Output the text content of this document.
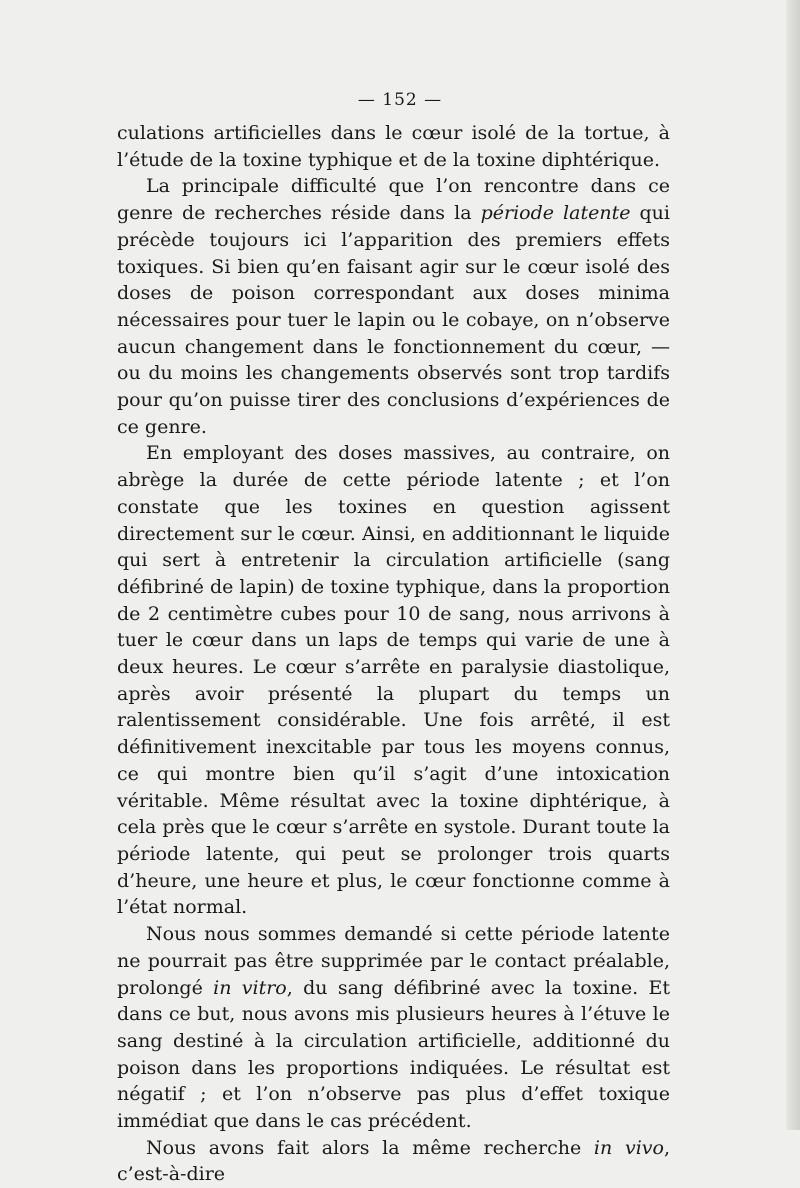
— 152 —

culations artificielles dans le cœur isolé de la tortue, à l’étude de la toxine typhique et de la toxine diphtérique.

La principale difficulté que l’on rencontre dans ce genre de recherches réside dans la période latente qui précède toujours ici l’apparition des premiers effets toxiques. Si bien qu’en faisant agir sur le cœur isolé des doses de poison correspondant aux doses minima nécessaires pour tuer le lapin ou le cobaye, on n’observe aucun changement dans le fonctionnement du cœur, — ou du moins les changements observés sont trop tardifs pour qu’on puisse tirer des conclusions d’expériences de ce genre.

En employant des doses massives, au contraire, on abrège la durée de cette période latente ; et l’on constate que les toxines en question agissent directement sur le cœur. Ainsi, en additionnant le liquide qui sert à entretenir la circulation artificielle (sang défibriné de lapin) de toxine typhique, dans la proportion de 2 centimètre cubes pour 10 de sang, nous arrivons à tuer le cœur dans un laps de temps qui varie de une à deux heures. Le cœur s’arrête en paralysie diastolique, après avoir présenté la plupart du temps un ralentissement considérable. Une fois arrêté, il est définitivement inexcitable par tous les moyens connus, ce qui montre bien qu’il s’agit d’une intoxication véritable. Même résultat avec la toxine diphtérique, à cela près que le cœur s’arrête en systole. Durant toute la période latente, qui peut se prolonger trois quarts d’heure, une heure et plus, le cœur fonctionne comme à l’état normal.

Nous nous sommes demandé si cette période latente ne pourrait pas être supprimée par le contact préalable, prolongé in vitro, du sang défibriné avec la toxine. Et dans ce but, nous avons mis plusieurs heures à l’étuve le sang destiné à la circulation artificielle, additionné du poison dans les proportions indiquées. Le résultat est négatif ; et l’on n’observe pas plus d’effet toxique immédiat que dans le cas précédent.

Nous avons fait alors la même recherche in vivo, c’est-à-dire
